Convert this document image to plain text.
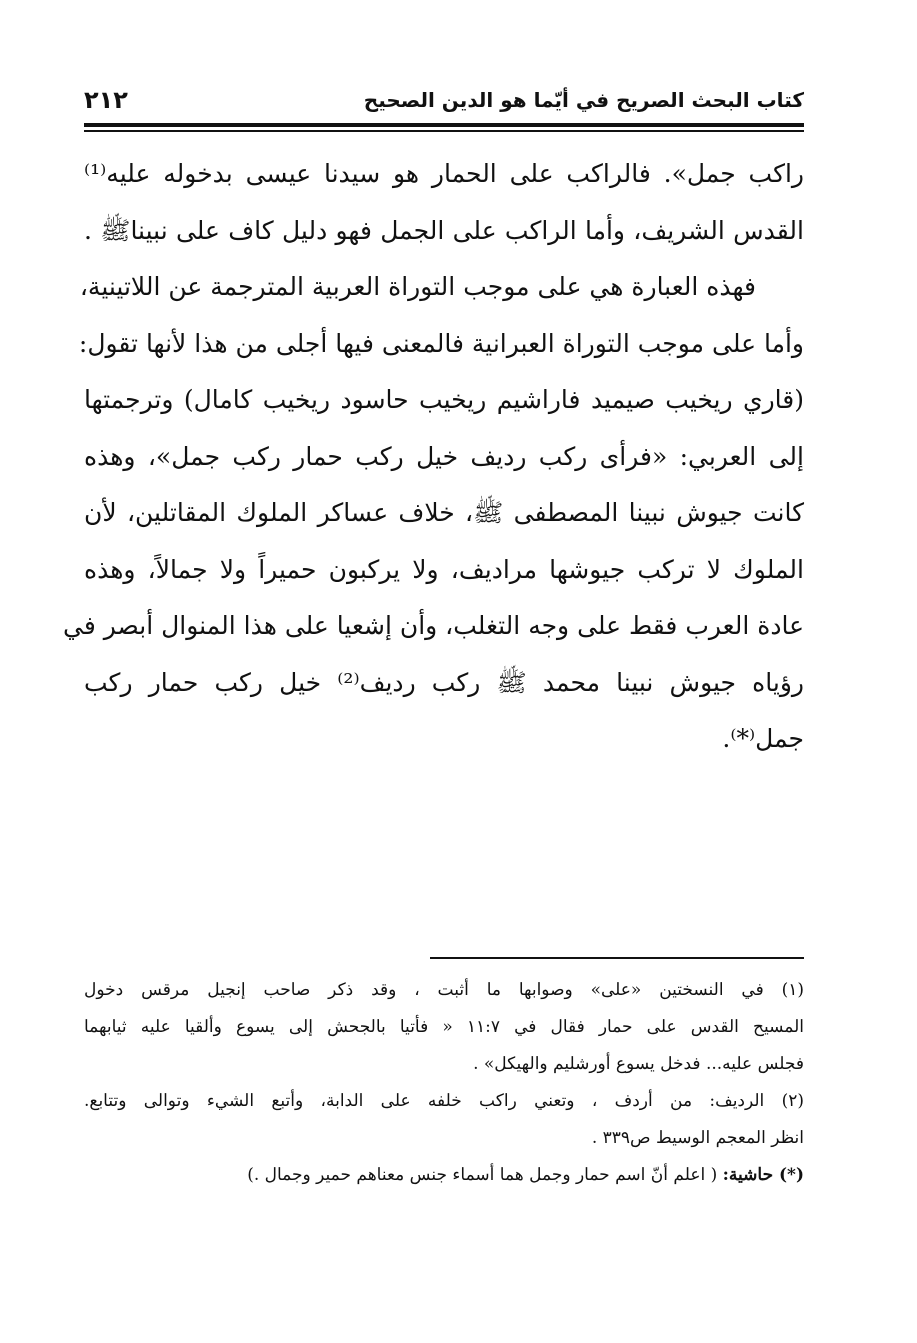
كتاب البحث الصريح في أيّما هو الدين الصحيح
٢١٢
راكب جمل». فالراكب على الحمار هو سيدنا عيسى بدخوله عليه⁽¹⁾
القدس الشريف، وأما الراكب على الجمل فهو دليل كاف على نبيناﷺ .
فهذه العبارة هي على موجب التوراة العربية المترجمة عن اللاتينية،
وأما على موجب التوراة العبرانية فالمعنى فيها أجلى من هذا لأنها تقول:
(قاري ريخيب صيميد فاراشيم ريخيب حاسود ريخيب كامال) وترجمتها
إلى العربي: «فرأى ركب رديف خيل ركب حمار ركب جمل»، وهذه
كانت جيوش نبينا المصطفى ﷺ، خلاف عساكر الملوك المقاتلين، لأن
الملوك لا تركب جيوشها مراديف، ولا يركبون حميراً ولا جمالاً، وهذه
عادة العرب فقط على وجه التغلب، وأن إشعيا على هذا المنوال أبصر في
رؤياه جيوش نبينا محمد ﷺ ركب رديف⁽²⁾ خيل ركب حمار ركب
جمل⁽*⁾.
(١) في النسختين «على» وصوابها ما أثبت ، وقد ذكر صاحب إنجيل مرقس دخول
المسيح القدس على حمار فقال في ١١:٧ « فأتيا بالجحش إلى يسوع وألقيا عليه ثيابهما
فجلس عليه... فدخل يسوع أورشليم والهيكل» .
(٢) الرديف: من أردف ، وتعني راكب خلفه على الدابة، وأتبع الشيء وتوالى وتتابع.
انظر المعجم الوسيط ص٣٣٩ .
(*) حاشية: ( اعلم أنّ اسم حمار وجمل هما أسماء جنس معناهم حمير وجمال .)
